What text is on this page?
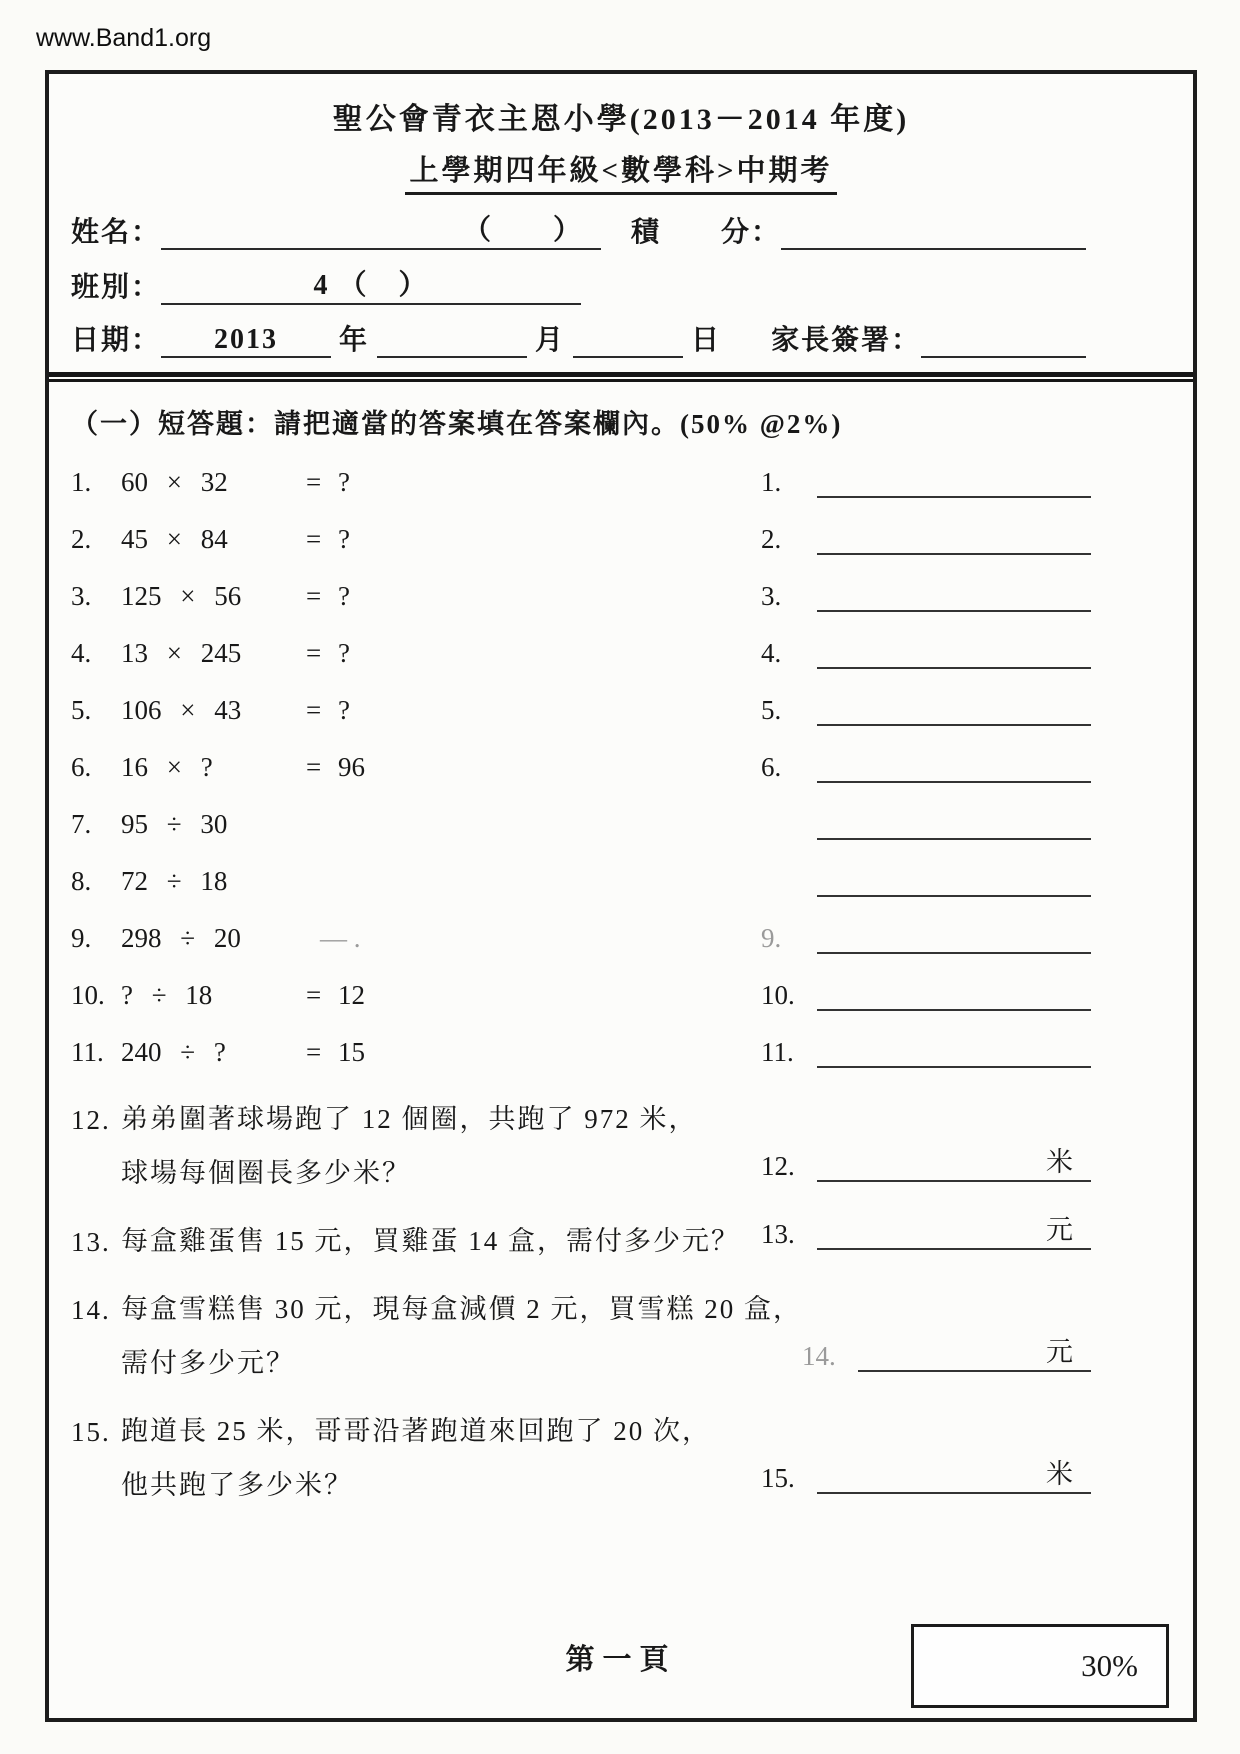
www.Band1.org
聖公會青衣主恩小學(2013－2014 年度)
上學期四年級<數學科>中期考
姓名：	（　　） 積　　分：
班別：	4 （　）
日期： 2013 年	月	日 家長簽署：
（一）短答題：請把適當的答案填在答案欄內。(50% @2%)
1.	60 × 32	= ?	1.
2.	45 × 84	= ?	2.
3.	125 × 56	= ?	3.
4.	13 × 245	= ?	4.
5.	106 × 43	= ?	5.
6.	16 × ?	= 96	6.
7.	95 ÷ 30
8.	72 ÷ 18
9.	298 ÷ 20	— .	9.
10. ? ÷ 18	= 12	10.
11. 240 ÷ ?	= 15	11.
12. 弟弟圍著球場跑了 12 個圈，共跑了 972 米，
球場每個圈長多少米？	12.	米
13. 每盒雞蛋售 15 元，買雞蛋 14 盒，需付多少元？ 13.	元
14. 每盒雪糕售 30 元，現每盒減價 2 元，買雪糕 20 盒，
需付多少元？	14.	元
15. 跑道長 25 米，哥哥沿著跑道來回跑了 20 次，
他共跑了多少米？	15.	米
第一頁	30%
